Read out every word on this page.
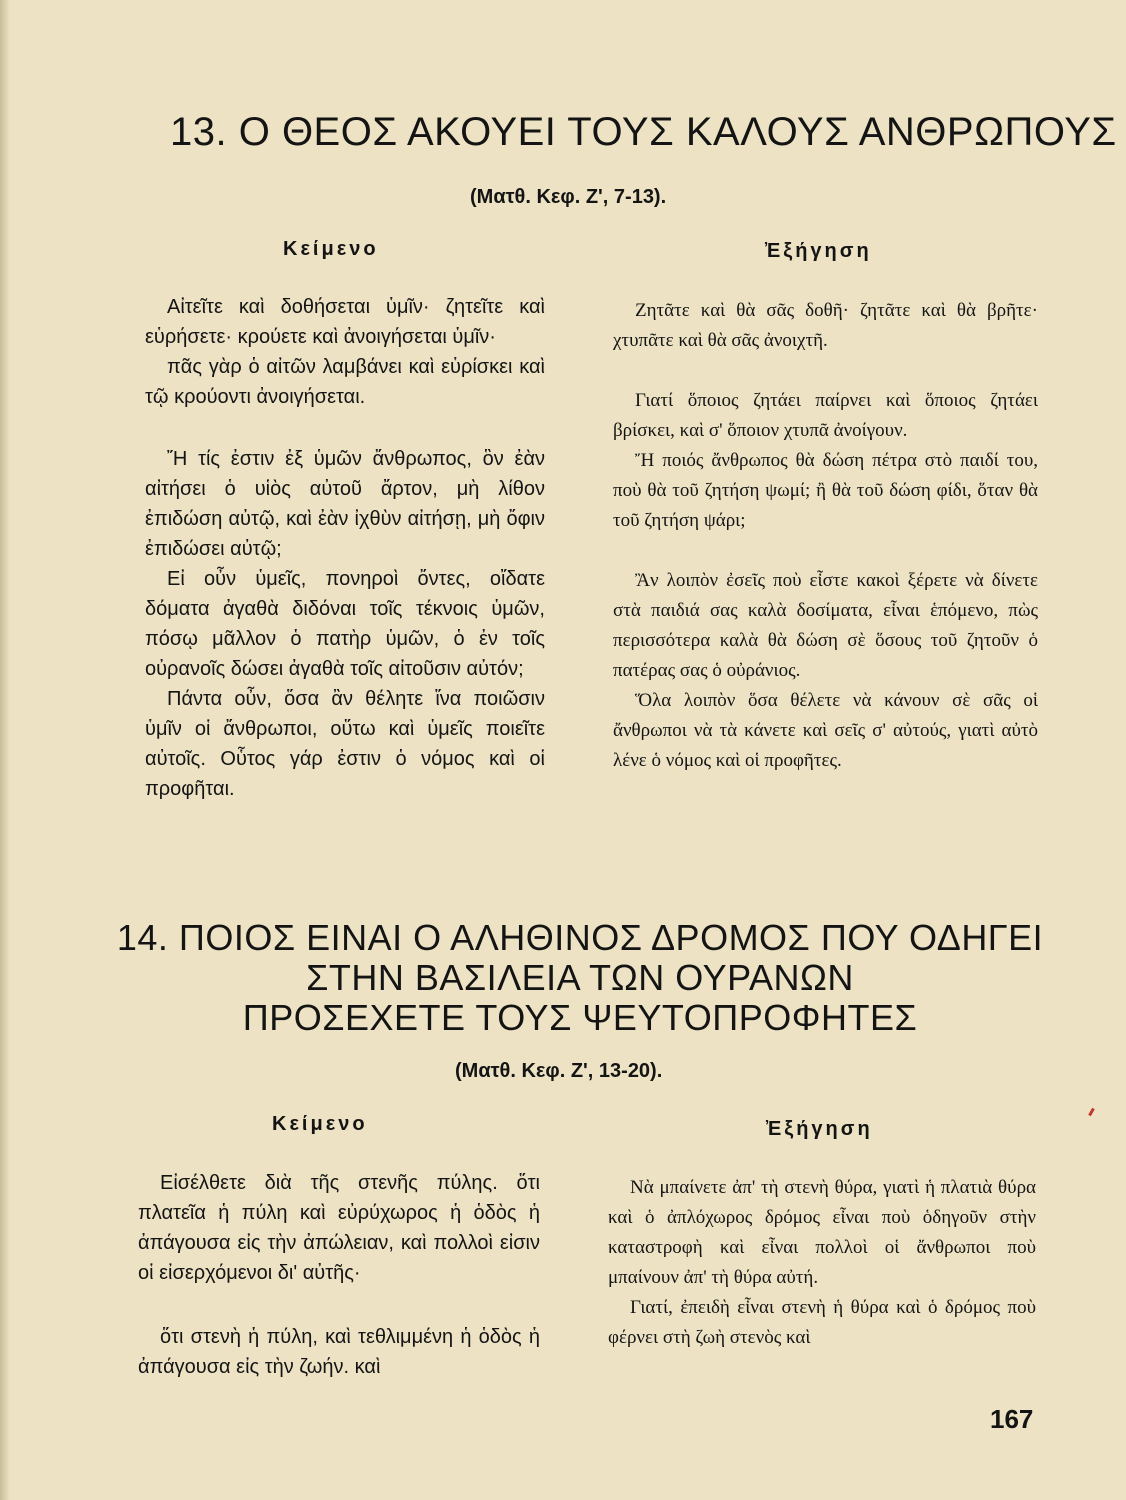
13. Ο ΘΕΟΣ ΑΚΟΥΕΙ ΤΟΥΣ ΚΑΛΟΥΣ ΑΝΘΡΩΠΟΥΣ
(Ματθ. Κεφ. Ζ', 7-13).
Κείμενο	Ἐξήγηση

Αἰτεῖτε καὶ δοθήσεται ὑμῖν· ζητεῖτε καὶ εὑρήσετε· κρούετε καὶ ἀνοιγήσεται ὑμῖν·

πᾶς γὰρ ὁ αἰτῶν λαμβάνει καὶ εὑρίσκει καὶ τῷ κρούοντι ἀνοιγήσεται.

Ἤ τίς ἐστιν ἐξ ὑμῶν ἄνθρωπος, ὃν ἐὰν αἰτήσει ὁ υἱὸς αὐτοῦ ἄρτον, μὴ λίθον ἐπιδώση αὐτῷ, καὶ ἐὰν ἰχθὺν αἰτήσῃ, μὴ ὄφιν ἐπιδώσει αὐτῷ;

Εἰ οὖν ὑμεῖς, πονηροὶ ὄντες, οἴδατε δόματα ἀγαθὰ διδόναι τοῖς τέκνοις ὑμῶν, πόσῳ μᾶλλον ὁ πατὴρ ὑμῶν, ὁ ἐν τοῖς οὐρανοῖς δώσει ἀγαθὰ τοῖς αἰτοῦσιν αὐτόν;

Πάντα οὖν, ὅσα ἂν θέλητε ἵνα ποιῶσιν ὑμῖν οἱ ἄνθρωποι, οὕτω καὶ ὑμεῖς ποιεῖτε αὐτοῖς. Οὗτος γάρ ἐστιν ὁ νόμος καὶ οἱ προφῆται.

Ζητᾶτε καὶ θὰ σᾶς δοθῆ· ζητᾶτε καὶ θὰ βρῆτε· χτυπᾶτε καὶ θὰ σᾶς ἀνοιχτῆ.

Γιατί ὅποιος ζητάει παίρνει καὶ ὅποιος ζητάει βρίσκει, καὶ σ' ὅποιον χτυπᾶ ἀνοίγουν.

Ἤ ποιός ἄνθρωπος θὰ δώση πέτρα στὸ παιδί του, ποὺ θὰ τοῦ ζητήση ψωμί; ἢ θὰ τοῦ δώση φίδι, ὅταν θὰ τοῦ ζητήση ψάρι;

Ἂν λοιπὸν ἐσεῖς ποὺ εἶστε κακοὶ ξέρετε νὰ δίνετε στὰ παιδιά σας καλὰ δοσίματα, εἶναι ἑπόμενο, πὼς περισσότερα καλὰ θὰ δώση σὲ ὅσους τοῦ ζητοῦν ὁ πατέρας σας ὁ οὐράνιος.

Ὅλα λοιπὸν ὅσα θέλετε νὰ κάνουν σὲ σᾶς οἱ ἄνθρωποι νὰ τὰ κάνετε καὶ σεῖς σ' αὐτούς, γιατὶ αὐτὸ λένε ὁ νόμος καὶ οἱ προφῆτες.

14. ΠΟΙΟΣ ΕΙΝΑΙ Ο ΑΛΗΘΙΝΟΣ ΔΡΟΜΟΣ ΠΟΥ ΟΔΗΓΕΙ
ΣΤΗΝ ΒΑΣΙΛΕΙΑ ΤΩΝ ΟΥΡΑΝΩΝ
ΠΡΟΣΕΧΕΤΕ ΤΟΥΣ ΨΕΥΤΟΠΡΟΦΗΤΕΣ
(Ματθ. Κεφ. Ζ', 13-20).
Κείμενο	Ἐξήγηση

Εἰσέλθετε διὰ τῆς στενῆς πύλης. ὅτι πλατεῖα ἡ πύλη καὶ εὐρύχωρος ἡ ὁδὸς ἡ ἀπάγουσα εἰς τὴν ἀπώλειαν, καὶ πολλοὶ εἰσιν οἱ εἰσερχόμενοι δι' αὐτῆς·

ὅτι στενὴ ἡ πύλη, καὶ τεθλιμμένη ἡ ὁδὸς ἡ ἀπάγουσα εἰς τὴν ζωήν. καὶ

Νὰ μπαίνετε ἀπ' τὴ στενὴ θύρα, γιατὶ ἡ πλατιὰ θύρα καὶ ὁ ἀπλόχωρος δρόμος εἶναι ποὺ ὁδηγοῦν στὴν καταστροφὴ καὶ εἶναι πολλοὶ οἱ ἄνθρωποι ποὺ μπαίνουν ἀπ' τὴ θύρα αὐτή.

Γιατί, ἐπειδὴ εἶναι στενὴ ἡ θύρα καὶ ὁ δρόμος ποὺ φέρνει στὴ ζωὴ στενὸς καὶ

167
